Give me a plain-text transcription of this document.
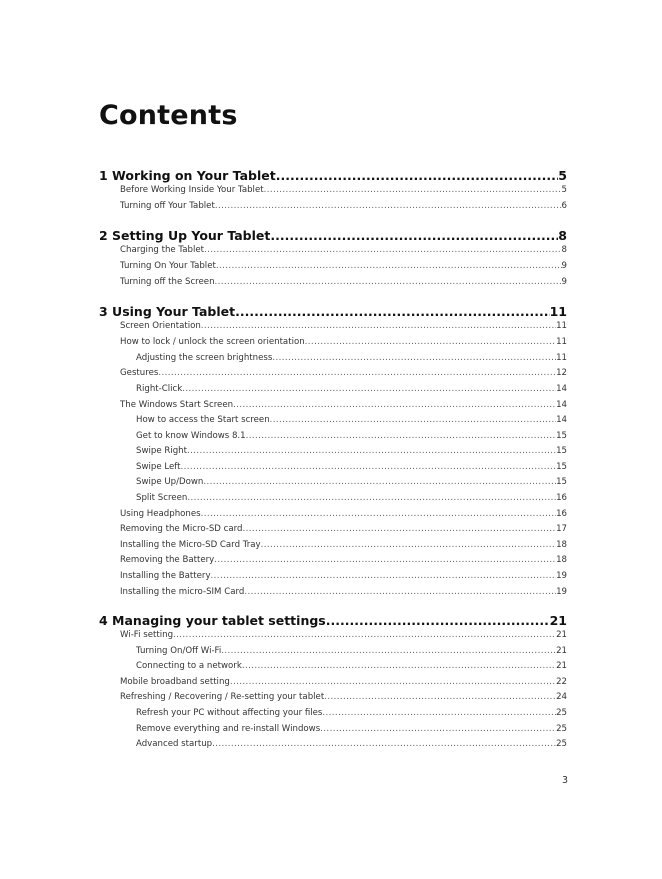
Contents
1 Working on Your Tablet .....	5
Before Working Inside Your Tablet .....	5
Turning off Your Tablet .....	6
2 Setting Up Your Tablet .....	8
Charging the Tablet .....	8
Turning On Your Tablet .....	9
Turning off the Screen .....	9
3 Using Your Tablet .....	11
Screen Orientation .....	11
How to lock / unlock the screen orientation .....	11
Adjusting the screen brightness .....	11
Gestures .....	12
Right-Click .....	14
The Windows Start Screen .....	14
How to access the Start screen .....	14
Get to know Windows 8.1 .....	15
Swipe Right .....	15
Swipe Left .....	15
Swipe Up/Down .....	15
Split Screen .....	16
Using Headphones .....	16
Removing the Micro-SD card .....	17
Installing the Micro-SD Card Tray .....	18
Removing the Battery .....	18
Installing the Battery .....	19
Installing the micro-SIM Card .....	19
4 Managing your tablet settings .....	21
Wi-Fi setting .....	21
Turning On/Off Wi-Fi .....	21
Connecting to a network .....	21
Mobile broadband setting .....	22
Refreshing / Recovering / Re-setting your tablet .....	24
Refresh your PC without affecting your files .....	25
Remove everything and re-install Windows .....	25
Advanced startup .....	25
3
